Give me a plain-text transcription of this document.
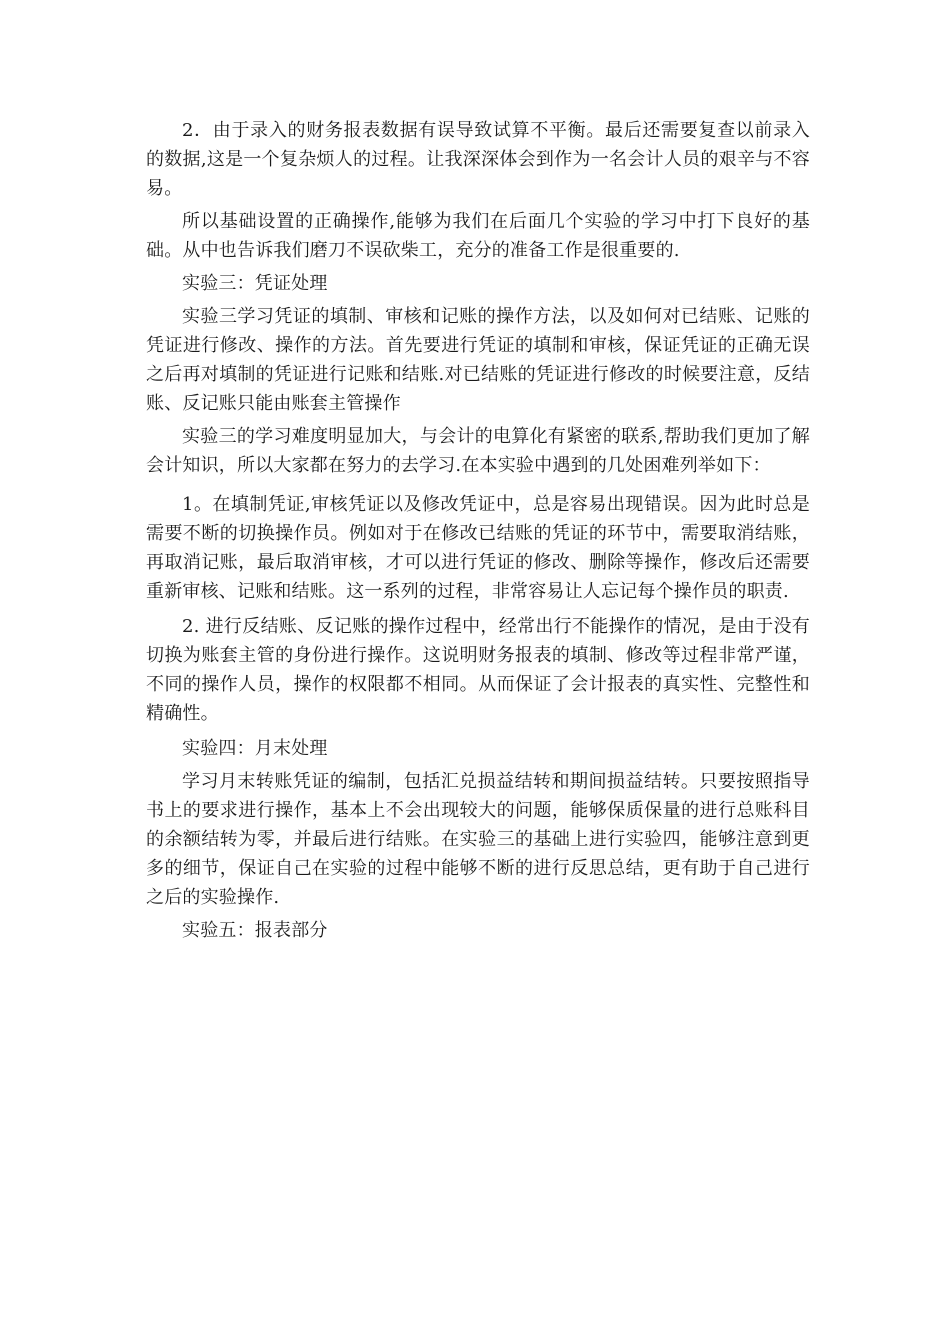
2．由于录入的财务报表数据有误导致试算不平衡。最后还需要复查以前录入的数据,这是一个复杂烦人的过程。让我深深体会到作为一名会计人员的艰辛与不容易。

所以基础设置的正确操作,能够为我们在后面几个实验的学习中打下良好的基础。从中也告诉我们磨刀不误砍柴工，充分的准备工作是很重要的.

实验三：凭证处理

实验三学习凭证的填制、审核和记账的操作方法，以及如何对已结账、记账的凭证进行修改、操作的方法。首先要进行凭证的填制和审核，保证凭证的正确无误之后再对填制的凭证进行记账和结账.对已结账的凭证进行修改的时候要注意，反结账、反记账只能由账套主管操作

实验三的学习难度明显加大，与会计的电算化有紧密的联系,帮助我们更加了解会计知识，所以大家都在努力的去学习.在本实验中遇到的几处困难列举如下：

1。在填制凭证,审核凭证以及修改凭证中，总是容易出现错误。因为此时总是需要不断的切换操作员。例如对于在修改已结账的凭证的环节中，需要取消结账，再取消记账，最后取消审核，才可以进行凭证的修改、删除等操作，修改后还需要重新审核、记账和结账。这一系列的过程，非常容易让人忘记每个操作员的职责.

2. 进行反结账、反记账的操作过程中，经常出行不能操作的情况，是由于没有切换为账套主管的身份进行操作。这说明财务报表的填制、修改等过程非常严谨，不同的操作人员，操作的权限都不相同。从而保证了会计报表的真实性、完整性和精确性。

实验四：月末处理

学习月末转账凭证的编制，包括汇兑损益结转和期间损益结转。只要按照指导书上的要求进行操作，基本上不会出现较大的问题，能够保质保量的进行总账科目的余额结转为零，并最后进行结账。在实验三的基础上进行实验四，能够注意到更多的细节，保证自己在实验的过程中能够不断的进行反思总结，更有助于自己进行之后的实验操作.

实验五：报表部分
